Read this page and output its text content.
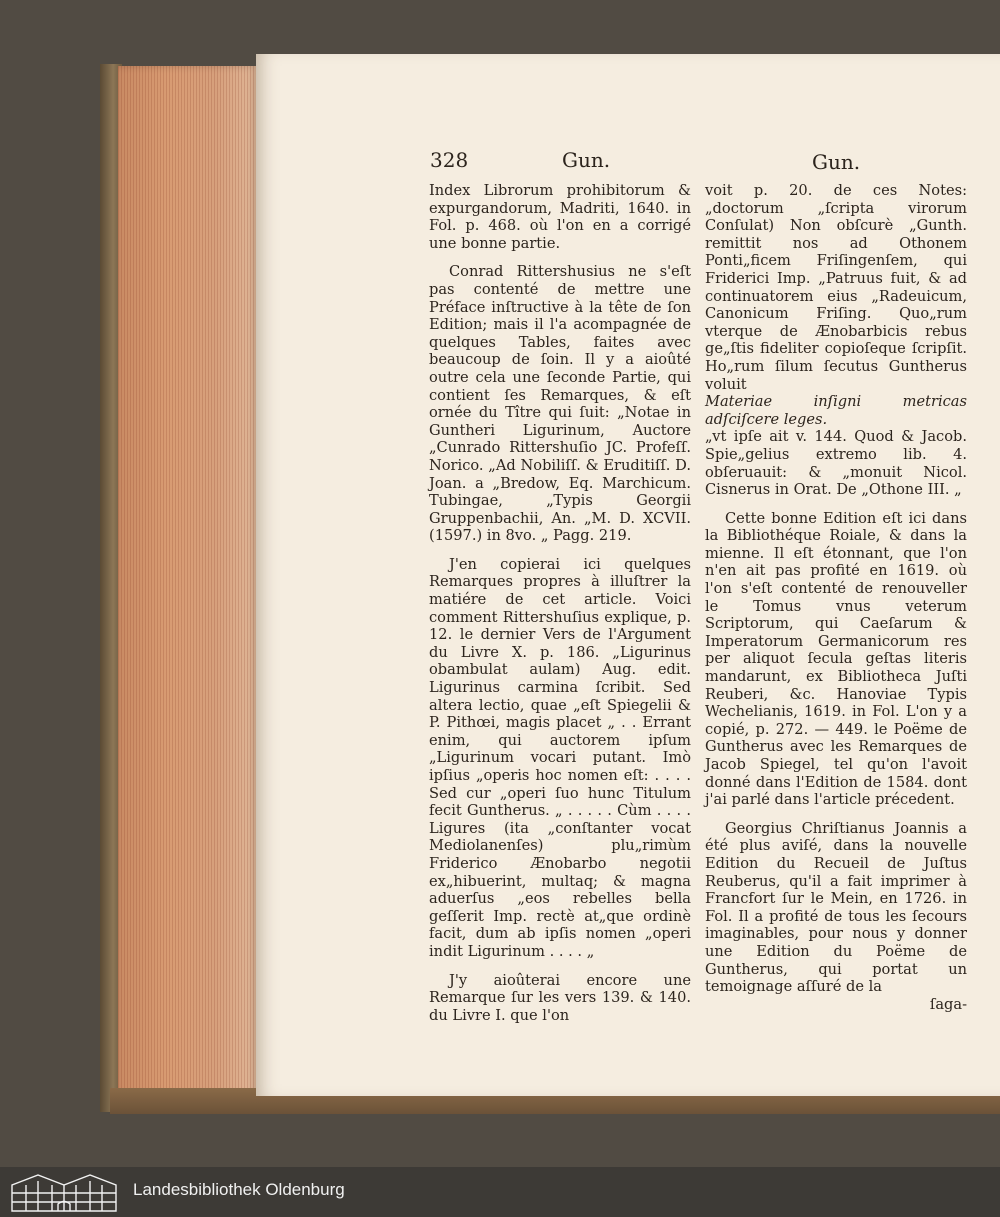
328	Gun.	Gun.

Index Librorum prohibitorum & expurgandorum, Madriti, 1640. in Fol. p. 468. où l'on en a corrigé une bonne partie.

Conrad Rittershusius ne s'eſt pas contenté de mettre une Préface inſtructive à la tête de ſon Edition; mais il l'a acompagnée de quelques Tables, faites avec beaucoup de ſoin. Il y a aioûté outre cela une ſeconde Partie, qui contient ſes Remarques, & eſt ornée du Tître qui ſuit: „Notae in Guntheri Ligurinum, Auctore „Cunrado Rittershuſio JC. Profeſſ. Norico. „Ad Nobiliſſ. & Eruditiſſ. D. Joan. a „Bredow, Eq. Marchicum. Tubingae, „Typis Georgii Gruppenbachii, An. „M. D. XCVII. (1597.) in 8vo. „ Pagg. 219.

J'en copierai ici quelques Remarques propres à illuſtrer la matiére de cet article. Voici comment Rittershuſius explique, p. 12. le dernier Vers de l'Argument du Livre X. p. 186. „Ligurinus obambulat aulam) Aug. edit. Ligurinus carmina ſcribit. Sed altera lectio, quae „eſt Spiegelii & P. Pithœi, magis placet „ . . Errant enim, qui auctorem ipſum „Ligurinum vocari putant. Imò ipſius „operis hoc nomen eſt: . . . . Sed cur „operi ſuo hunc Titulum fecit Guntherus. „ . . . . . Cùm . . . . Ligures (ita „conſtanter vocat Mediolanenſes) plu„rimùm Friderico Ænobarbo negotii ex„hibuerint, multaq; & magna aduerſus „eos rebelles bella geſſerit Imp. rectè at„que ordinè facit, dum ab ipſis nomen „operi indit Ligurinum . . . . „

J'y aioûterai encore une Remarque ſur les vers 139. & 140. du Livre I. que l'on

voit p. 20. de ces Notes: „doctorum „ſcripta virorum Conſulat) Non obſcurè „Gunth. remittit nos ad Othonem Ponti„ficem Friſingenſem, qui Friderici Imp. „Patruus fuit, & ad continuatorem eius „Radeuicum, Canonicum Friſing. Quo„rum vterque de Ænobarbicis rebus ge„ſtis fideliter copioſeque ſcripſit. Ho„rum ſilum ſecutus Guntherus voluit

Materiae inſigni metricas adſciſcere leges.

„vt ipſe ait v. 144. Quod & Jacob. Spie„gelius extremo lib. 4. obſeruauit: & „monuit Nicol. Cisnerus in Orat. De „Othone III. „

Cette bonne Edition eſt ici dans la Bibliothéque Roiale, & dans la mienne. Il eſt étonnant, que l'on n'en ait pas profité en 1619. où l'on s'eſt contenté de renouveller le Tomus vnus veterum Scriptorum, qui Caeſarum & Imperatorum Germanicorum res per aliquot ſecula geſtas literis mandarunt, ex Bibliotheca Juſti Reuberi, &c. Hanoviae Typis Wechelianis, 1619. in Fol. L'on y a copié, p. 272. — 449. le Poëme de Guntherus avec les Remarques de Jacob Spiegel, tel qu'on l'avoit donné dans l'Edition de 1584. dont j'ai parlé dans l'article précedent.

Georgius Chriſtianus Joannis a été plus aviſé, dans la nouvelle Edition du Recueil de Juſtus Reuberus, qu'il a fait imprimer à Francfort ſur le Mein, en 1726. in Fol. Il a profité de tous les ſecours imaginables, pour nous y donner une Edition du Poëme de Guntherus, qui portat un temoignage aſſuré de la

ſaga-

Landesbibliothek Oldenburg
